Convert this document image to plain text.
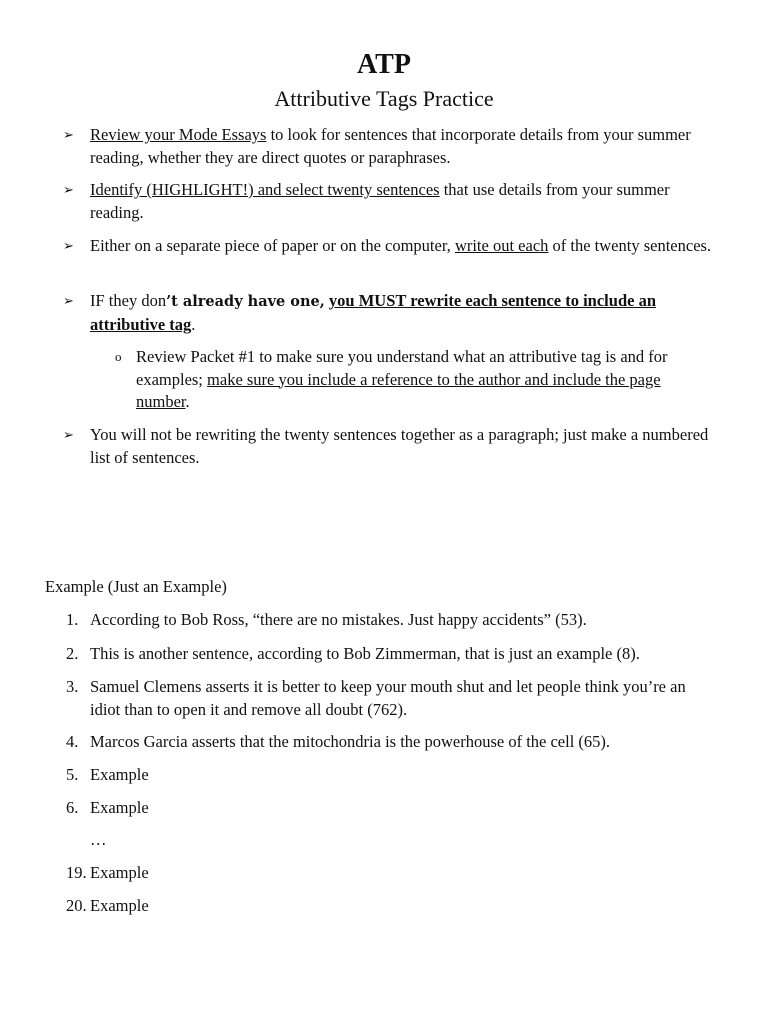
ATP
Attributive Tags Practice
➢ Review your Mode Essays to look for sentences that incorporate details from your summer reading, whether they are direct quotes or paraphrases.
➢ Identify (HIGHLIGHT!) and select twenty sentences that use details from your summer reading.
➢ Either on a separate piece of paper or on the computer, write out each of the twenty sentences.
➢ IF they don’t already have one, you MUST rewrite each sentence to include an attributive tag.
o Review Packet #1 to make sure you understand what an attributive tag is and for examples; make sure you include a reference to the author and include the page number.
➢ You will not be rewriting the twenty sentences together as a paragraph; just make a numbered list of sentences.
Example (Just an Example)
1. According to Bob Ross, “there are no mistakes. Just happy accidents” (53).
2. This is another sentence, according to Bob Zimmerman, that is just an example (8).
3. Samuel Clemens asserts it is better to keep your mouth shut and let people think you’re an idiot than to open it and remove all doubt (762).
4. Marcos Garcia asserts that the mitochondria is the powerhouse of the cell (65).
5. Example
6. Example
…
19. Example
20. Example
